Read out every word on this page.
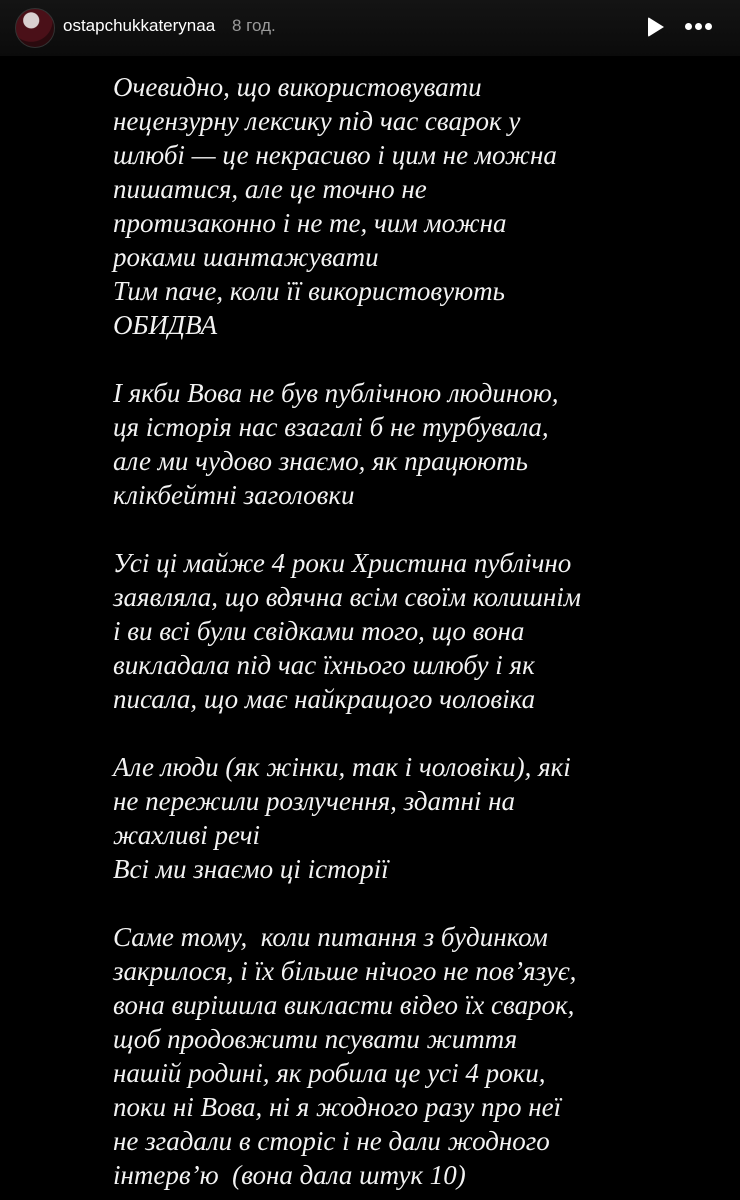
ostapchukkaterynaa 8 год.
Очевидно, що використовувати
нецензурну лексику під час сварок у
шлюбі — це некрасиво і цим не можна
пишатися, але це точно не
протизаконно і не те, чим можна
роками шантажувати
Тим паче, коли її використовують
ОБИДВА
І якби Вова не був публічною людиною,
ця історія нас взагалі б не турбувала,
але ми чудово знаємо, як працюють
клікбейтні заголовки
Усі ці майже 4 роки Христина публічно
заявляла, що вдячна всім своїм колишнім
і ви всі були свідками того, що вона
викладала під час їхнього шлюбу і як
писала, що має найкращого чоловіка
Але люди (як жінки, так і чоловіки), які
не пережили розлучення, здатні на
жахливі речі
Всі ми знаємо ці історії
Саме тому,  коли питання з будинком
закрилося, і їх більше нічого не пов’язує,
вона вирішила викласти відео їх сварок,
щоб продовжити псувати життя
нашій родині, як робила це усі 4 роки,
поки ні Вова, ні я жодного разу про неї
не згадали в сторіс і не дали жодного
інтерв’ю  (вона дала штук 10)
